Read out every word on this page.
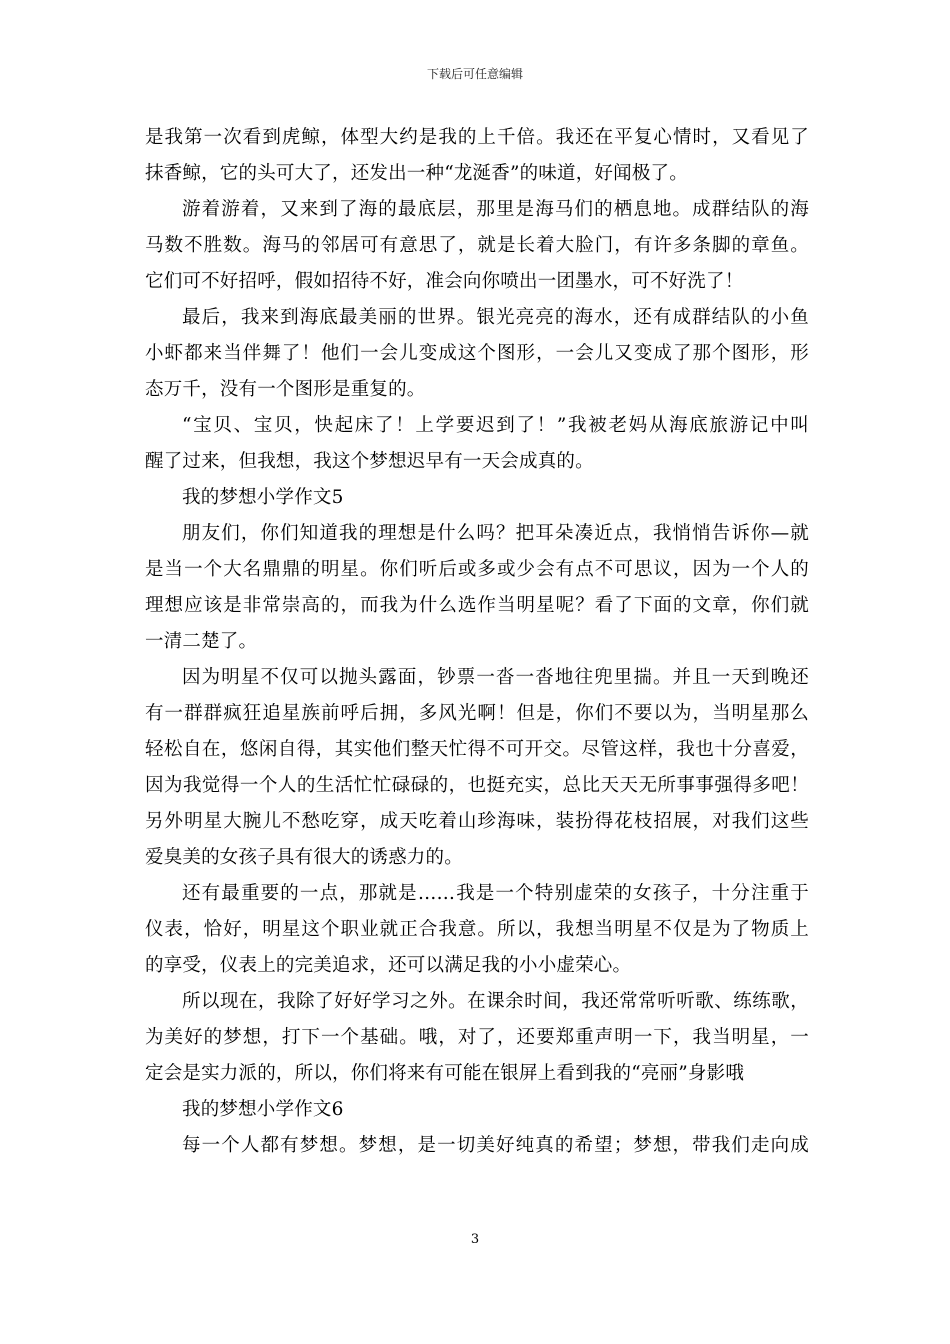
下载后可任意编辑
是我第一次看到虎鲸，体型大约是我的上千倍。我还在平复心情时，又看见了
抹香鲸，它的头可大了，还发出一种“龙涎香”的味道，好闻极了。
游着游着，又来到了海的最底层，那里是海马们的栖息地。成群结队的海
马数不胜数。海马的邻居可有意思了，就是长着大脸门，有许多条脚的章鱼。
它们可不好招呼，假如招待不好，准会向你喷出一团墨水，可不好洗了！
最后，我来到海底最美丽的世界。银光亮亮的海水，还有成群结队的小鱼
小虾都来当伴舞了！他们一会儿变成这个图形，一会儿又变成了那个图形，形
态万千，没有一个图形是重复的。
“宝贝、宝贝，快起床了！上学要迟到了！”我被老妈从海底旅游记中叫
醒了过来，但我想，我这个梦想迟早有一天会成真的。
我的梦想小学作文5
朋友们，你们知道我的理想是什么吗？把耳朵凑近点，我悄悄告诉你—就
是当一个大名鼎鼎的明星。你们听后或多或少会有点不可思议，因为一个人的
理想应该是非常崇高的，而我为什么选作当明星呢？看了下面的文章，你们就
一清二楚了。
因为明星不仅可以抛头露面，钞票一沓一沓地往兜里揣。并且一天到晚还
有一群群疯狂追星族前呼后拥，多风光啊！但是，你们不要以为，当明星那么
轻松自在，悠闲自得，其实他们整天忙得不可开交。尽管这样，我也十分喜爱，
因为我觉得一个人的生活忙忙碌碌的，也挺充实，总比天天无所事事强得多吧！
另外明星大腕儿不愁吃穿，成天吃着山珍海味，装扮得花枝招展，对我们这些
爱臭美的女孩子具有很大的诱惑力的。
还有最重要的一点，那就是……我是一个特别虚荣的女孩子，十分注重于
仪表，恰好，明星这个职业就正合我意。所以，我想当明星不仅是为了物质上
的享受，仪表上的完美追求，还可以满足我的小小虚荣心。
所以现在，我除了好好学习之外。在课余时间，我还常常听听歌、练练歌，
为美好的梦想，打下一个基础。哦，对了，还要郑重声明一下，我当明星，一
定会是实力派的，所以，你们将来有可能在银屏上看到我的“亮丽”身影哦
我的梦想小学作文6
每一个人都有梦想。梦想，是一切美好纯真的希望；梦想，带我们走向成
3
